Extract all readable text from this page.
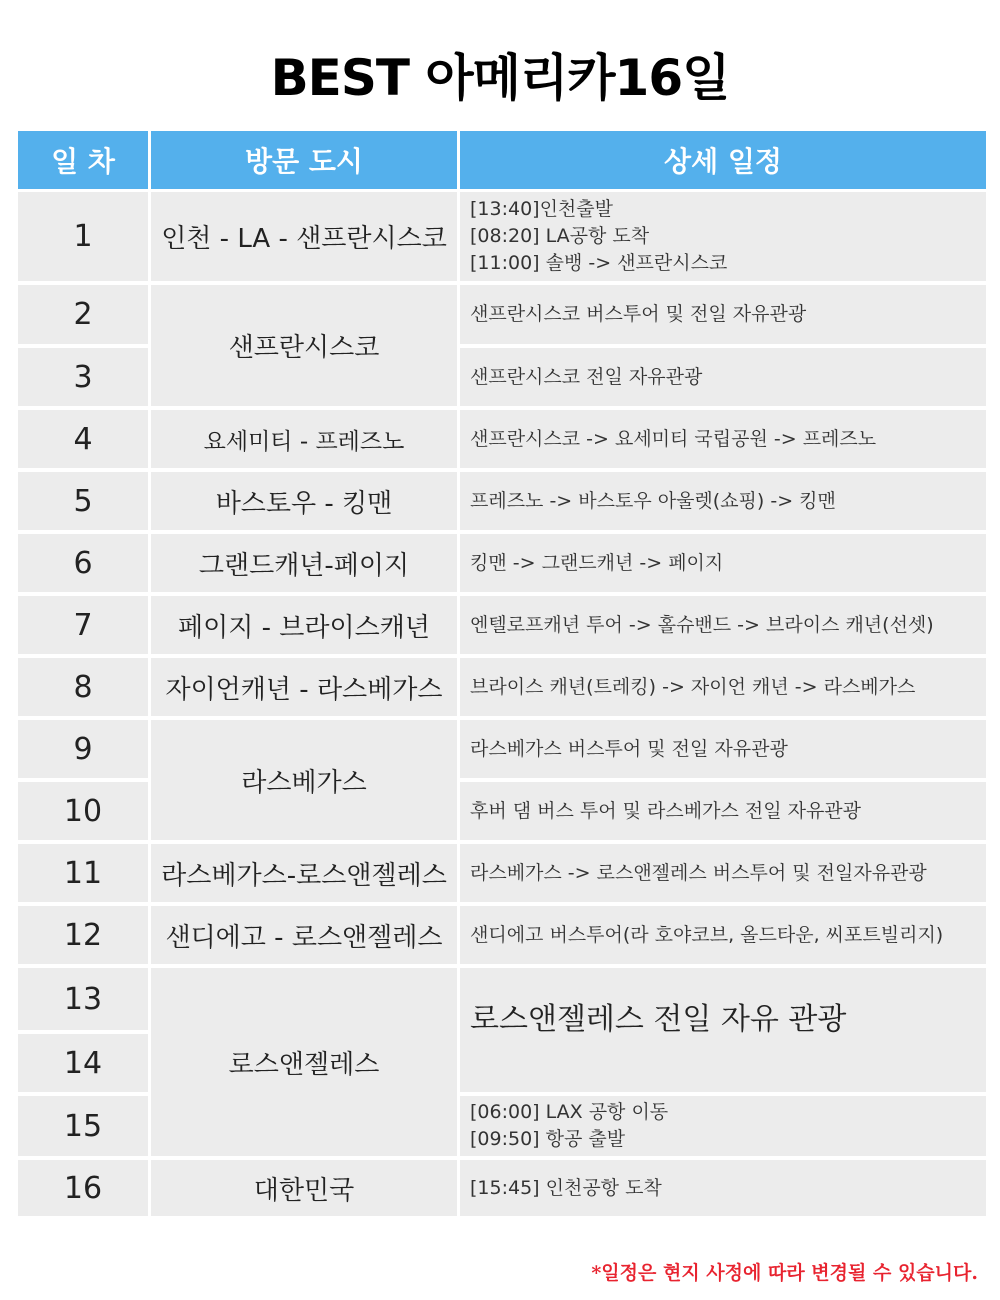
BEST 아메리카16일
일 차	방문 도시	상세 일정
1
2
3
4
5
6
7
8
9
10
11
12
13
14
15
16
인천 - LA - 샌프란시스코
샌프란시스코
요세미티 - 프레즈노
바스토우 - 킹맨
그랜드캐년-페이지
페이지 - 브라이스캐년
자이언캐년 - 라스베가스
라스베가스
라스베가스-로스앤젤레스
샌디에고 - 로스앤젤레스
로스앤젤레스
대한민국
[13:40]인천출발
[08:20] LA공항 도착
[11:00] 솔뱅 -> 샌프란시스코
샌프란시스코 버스투어 및 전일 자유관광
샌프란시스코 전일 자유관광
샌프란시스코 -> 요세미티 국립공원 -> 프레즈노
프레즈노 -> 바스토우 아울렛(쇼핑) -> 킹맨
킹맨 -> 그랜드캐년 -> 페이지
엔텔로프캐년 투어 -> 홀슈밴드 -> 브라이스 캐년(선셋)
브라이스 캐년(트레킹) -> 자이언 캐년 -> 라스베가스
라스베가스 버스투어 및 전일 자유관광
후버 댐 버스 투어 및 라스베가스 전일 자유관광
라스베가스 -> 로스앤젤레스 버스투어 및 전일자유관광
샌디에고 버스투어(라 호야코브, 올드타운, 씨포트빌리지)
로스앤젤레스 전일 자유 관광
[06:00] LAX 공항 이동
[09:50] 항공 출발
[15:45] 인천공항 도착
*일정은 현지 사정에 따라 변경될 수 있습니다.
